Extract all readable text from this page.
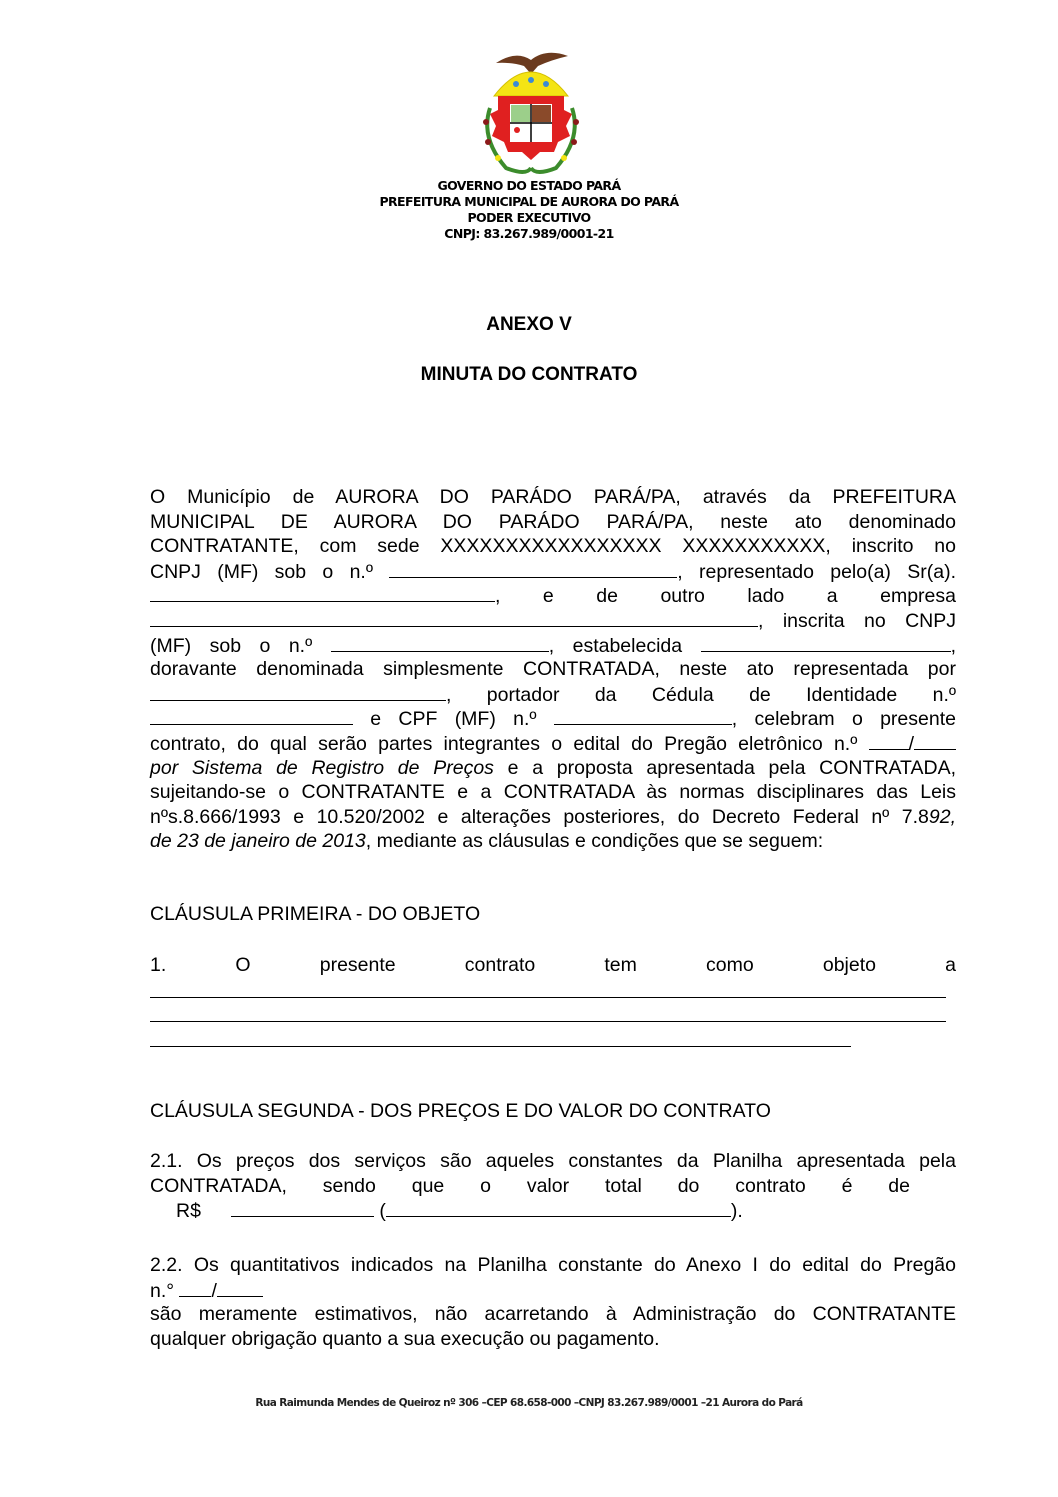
GOVERNO DO ESTADO PARÁ
PREFEITURA MUNICIPAL DE AURORA DO PARÁ
PODER EXECUTIVO
CNPJ: 83.267.989/0001-21
ANEXO V
MINUTA DO CONTRATO
O Município de AURORA DO PARÁDO PARÁ/PA, através da PREFEITURA
MUNICIPAL DE AURORA DO PARÁDO PARÁ/PA, neste ato denominado
CONTRATANTE, com sede XXXXXXXXXXXXXXXXX XXXXXXXXXXX, inscrito no
CNPJ (MF) sob o n.º	, representado pelo(a) Sr(a).
, e de outro lado a empresa
, inscrita no CNPJ
(MF) sob o n.º	, estabelecida	,
doravante denominada simplesmente CONTRATADA, neste ato representada por
, portador da Cédula de Identidade n.º
e CPF (MF) n.º	, celebram o presente
contrato, do qual serão partes integrantes o edital do Pregão eletrônico n.º	/
por Sistema de Registro de Preços e a proposta apresentada pela CONTRATADA,
sujeitando-se o CONTRATANTE e a CONTRATADA às normas disciplinares das Leis
nºs.8.666/1993 e 10.520/2002 e alterações posteriores, do Decreto Federal nº 7.892,
de 23 de janeiro de 2013, mediante as cláusulas e condições que se seguem:
CLÁUSULA PRIMEIRA - DO OBJETO
1. O presente contrato tem como objeto a
CLÁUSULA SEGUNDA - DOS PREÇOS E DO VALOR DO CONTRATO
2.1. Os preços dos serviços são aqueles constantes da Planilha apresentada pela
CONTRATADA, sendo que o valor total do contrato é de
R$	(	).
2.2. Os quantitativos indicados na Planilha constante do Anexo I do edital do Pregão
n.° /
são meramente estimativos, não acarretando à Administração do CONTRATANTE
qualquer obrigação quanto a sua execução ou pagamento.
Rua Raimunda Mendes de Queiroz nº 306 –CEP 68.658-000 –CNPJ 83.267.989/0001 –21 Aurora do Pará
